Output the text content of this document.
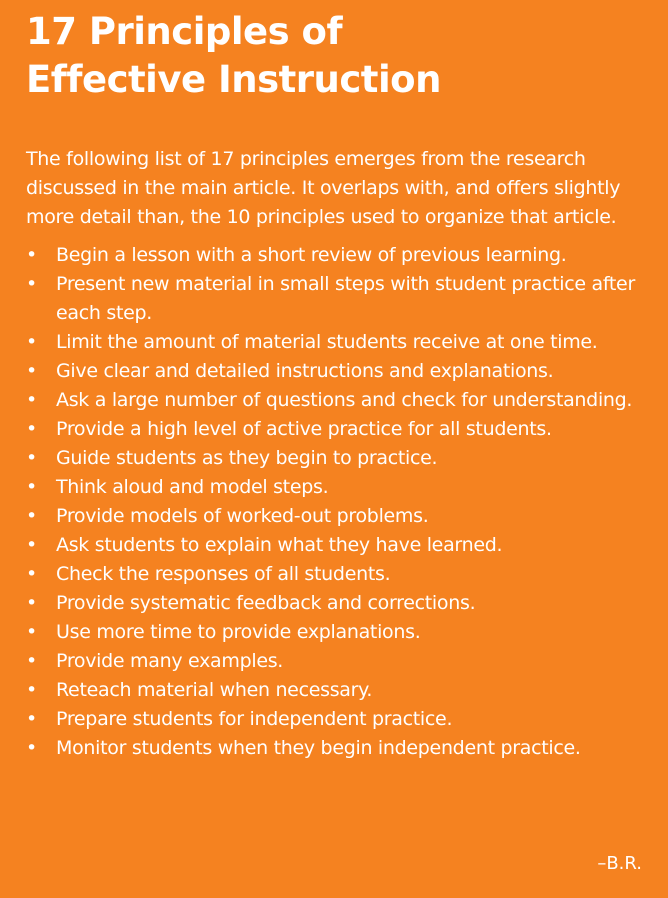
17 Principles of
Effective Instruction

The following list of 17 principles emerges from the research discussed in the main article. It overlaps with, and offers slightly more detail than, the 10 principles used to organize that article.

• Begin a lesson with a short review of previous learning.
• Present new material in small steps with student practice after each step.
• Limit the amount of material students receive at one time.
• Give clear and detailed instructions and explanations.
• Ask a large number of questions and check for understanding.
• Provide a high level of active practice for all students.
• Guide students as they begin to practice.
• Think aloud and model steps.
• Provide models of worked-out problems.
• Ask students to explain what they have learned.
• Check the responses of all students.
• Provide systematic feedback and corrections.
• Use more time to provide explanations.
• Provide many examples.
• Reteach material when necessary.
• Prepare students for independent practice.
• Monitor students when they begin independent practice.
–B.R.
